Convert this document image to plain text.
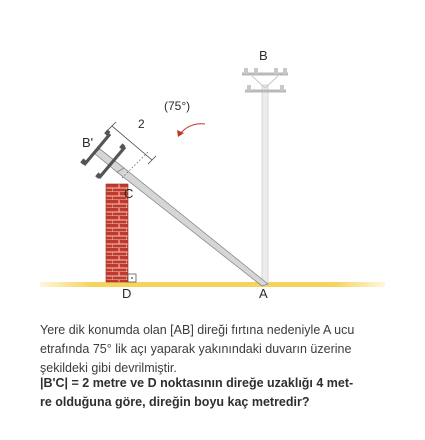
B
2
(75°)
B'
C
D	A
Yere dik konumda olan [AB] direği fırtına nedeniyle A ucu
etrafında 75° lik açı yaparak yakınındaki duvarın üzerine
şekildeki gibi devrilmiştir.
|B'C| = 2 metre ve D noktasının direğe uzaklığı 4 met-
re olduğuna göre, direğin boyu kaç metredir?
